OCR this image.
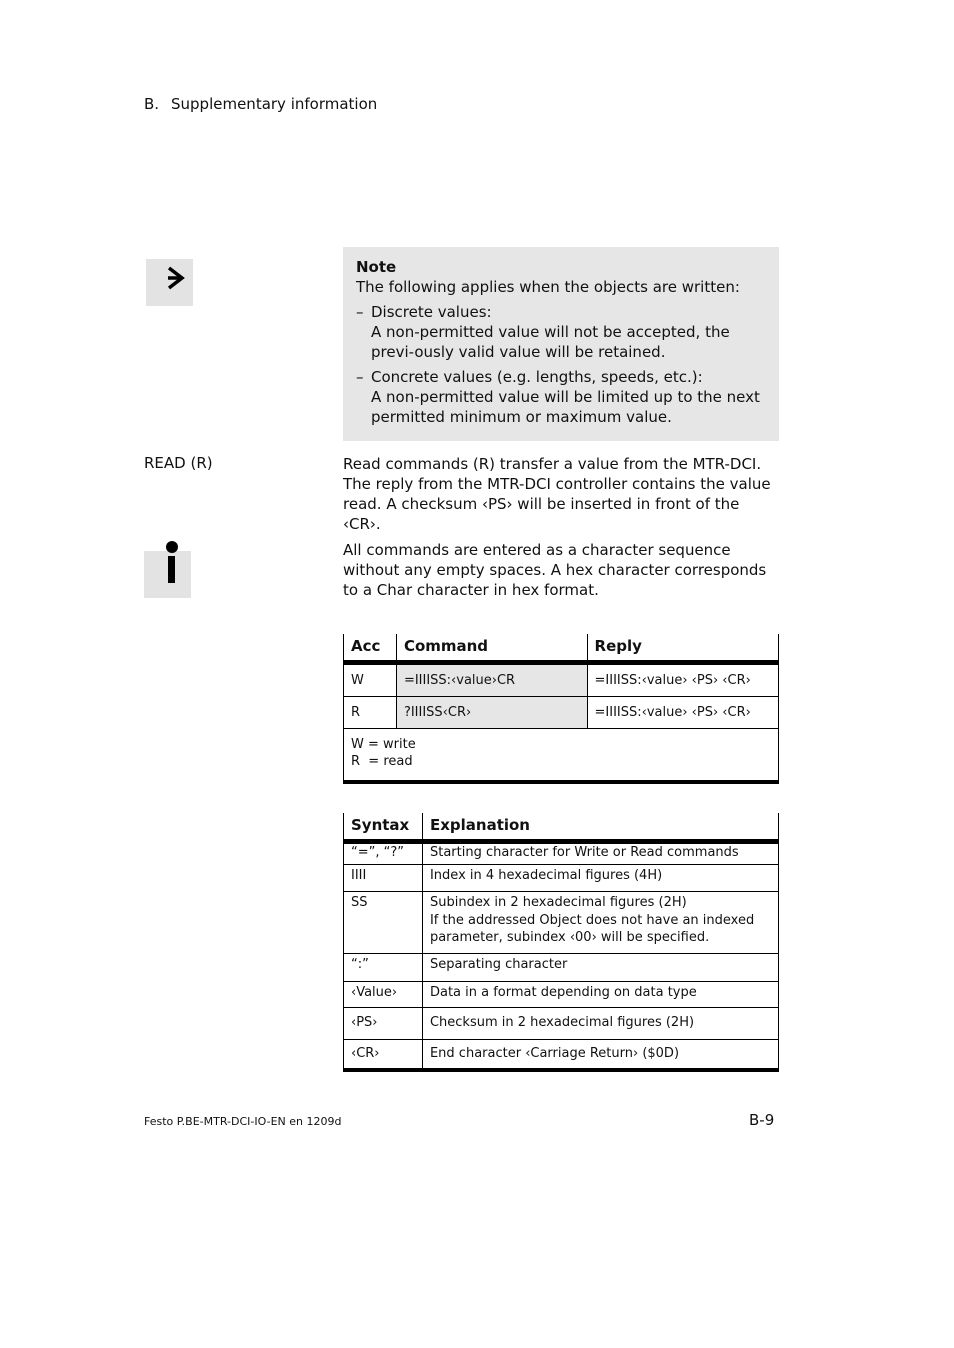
B. Supplementary information
Note
The following applies when the objects are written:
– Discrete values:
A non-permitted value will not be accepted, the previ-ously valid value will be retained.
– Concrete values (e.g. lengths, speeds, etc.):
A non-permitted value will be limited up to the next permitted minimum or maximum value.
READ (R)	Read commands (R) transfer a value from the MTR-DCI. The reply from the MTR-DCI controller contains the value read. A checksum ‹PS› will be inserted in front of the ‹CR›.
All commands are entered as a character sequence without any empty spaces. A hex character corresponds to a Char character in hex format.
Acc	Command	Reply
W	=IIIISS:‹value›CR	=IIIISS:‹value› ‹PS› ‹CR›
R	?IIIISS‹CR›	=IIIISS:‹value› ‹PS› ‹CR›

W = write
R  = read		
Syntax	Explanation
“=”, “?”	Starting character for Write or Read commands
IIII	Index in 4 hexadecimal figures (4H)
SS	Subindex in 2 hexadecimal figures (2H)
If the addressed Object does not have an indexed parameter, subindex ‹00› will be specified.
“:”	Separating character
‹Value›	Data in a format depending on data type
‹PS›	Checksum in 2 hexadecimal figures (2H)
‹CR›	End character ‹Carriage Return› ($0D)
Festo P.BE-MTR-DCI-IO-EN en 1209d	B-9
